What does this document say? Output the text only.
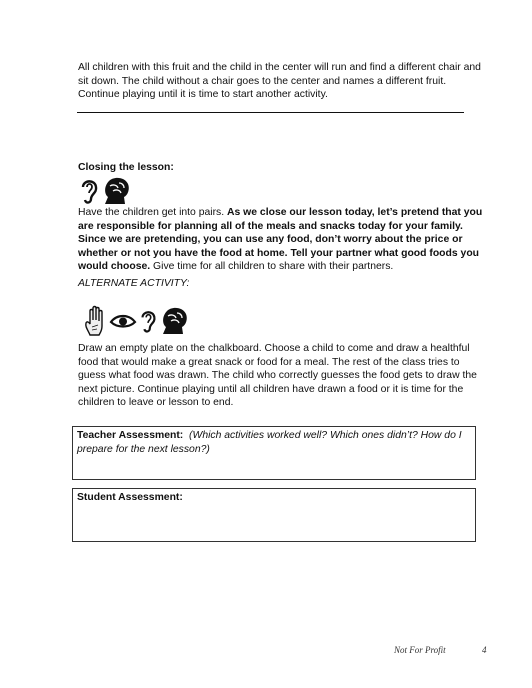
All children with this fruit and the child in the center will run and find a different chair and sit down. The child without a chair goes to the center and names a different fruit. Continue playing until it is time to start another activity.
Closing the lesson:
Have the children get into pairs. As we close our lesson today, let’s pretend that you are responsible for planning all of the meals and snacks today for your family. Since we are pretending, you can use any food, don’t worry about the price or whether or not you have the food at home. Tell your partner what good foods you would choose. Give time for all children to share with their partners.
ALTERNATE ACTIVITY:
Draw an empty plate on the chalkboard. Choose a child to come and draw a healthful food that would make a great snack or food for a meal. The rest of the class tries to guess what food was drawn. The child who correctly guesses the food gets to draw the next picture. Continue playing until all children have drawn a food or it is time for the children to leave or lesson to end.
Teacher Assessment: (Which activities worked well? Which ones didn’t? How do I prepare for the next lesson?)
Student Assessment:
Not For Profit	4
